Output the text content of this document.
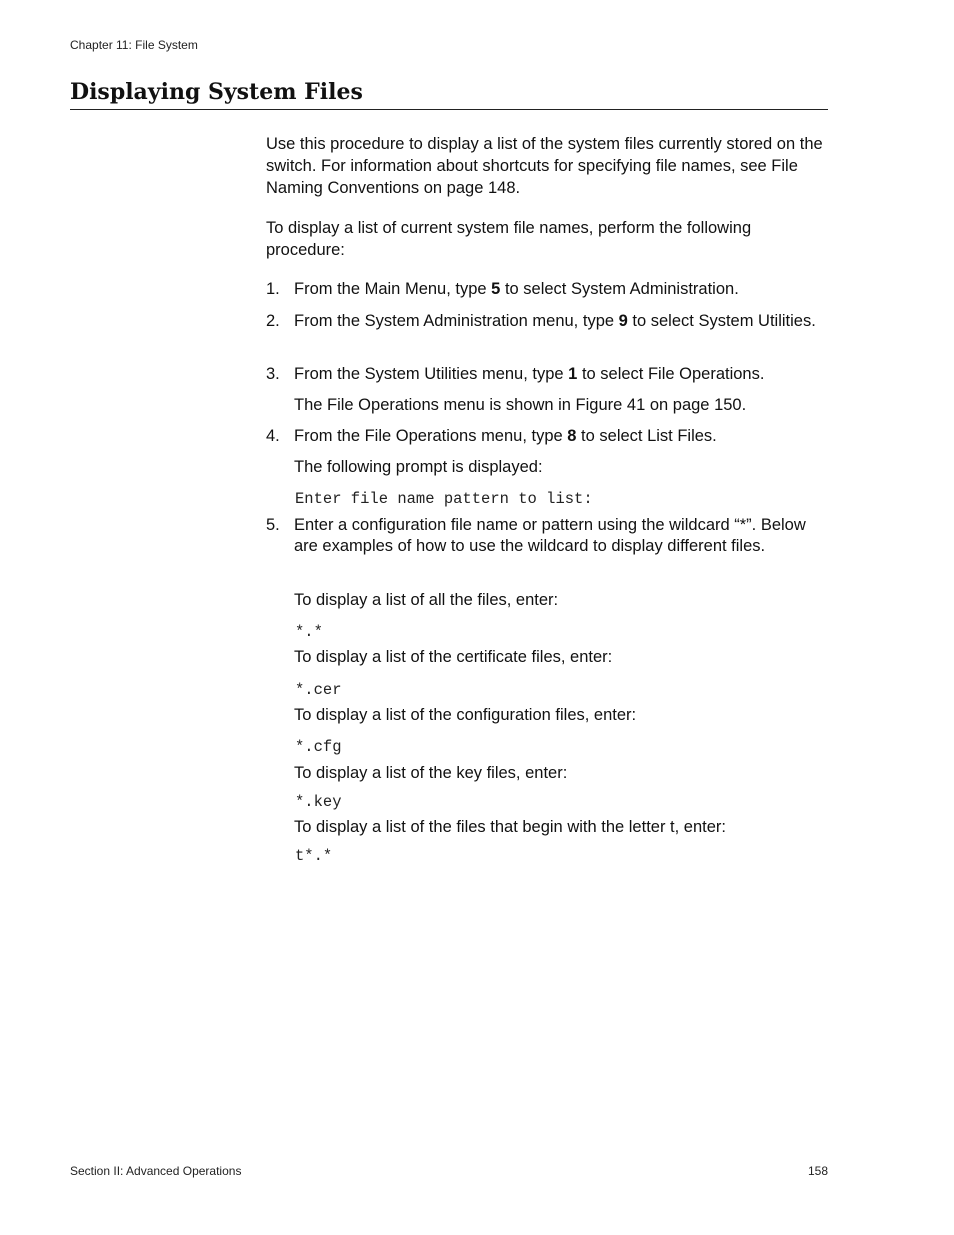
Chapter 11: File System
Displaying System Files

Use this procedure to display a list of the system files currently stored on the switch. For information about shortcuts for specifying file names, see File Naming Conventions on page 148.

To display a list of current system file names, perform the following procedure:

1. From the Main Menu, type 5 to select System Administration.
2. From the System Administration menu, type 9 to select System Utilities.
3. From the System Utilities menu, type 1 to select File Operations.
The File Operations menu is shown in Figure 41 on page 150.
4. From the File Operations menu, type 8 to select List Files.
The following prompt is displayed:
Enter file name pattern to list:
5. Enter a configuration file name or pattern using the wildcard “*”. Below are examples of how to use the wildcard to display different files.
To display a list of all the files, enter:
*.*
To display a list of the certificate files, enter:
*.cer
To display a list of the configuration files, enter:
*.cfg
To display a list of the key files, enter:
*.key
To display a list of the files that begin with the letter t, enter:
t*.*
Section II: Advanced Operations	158
